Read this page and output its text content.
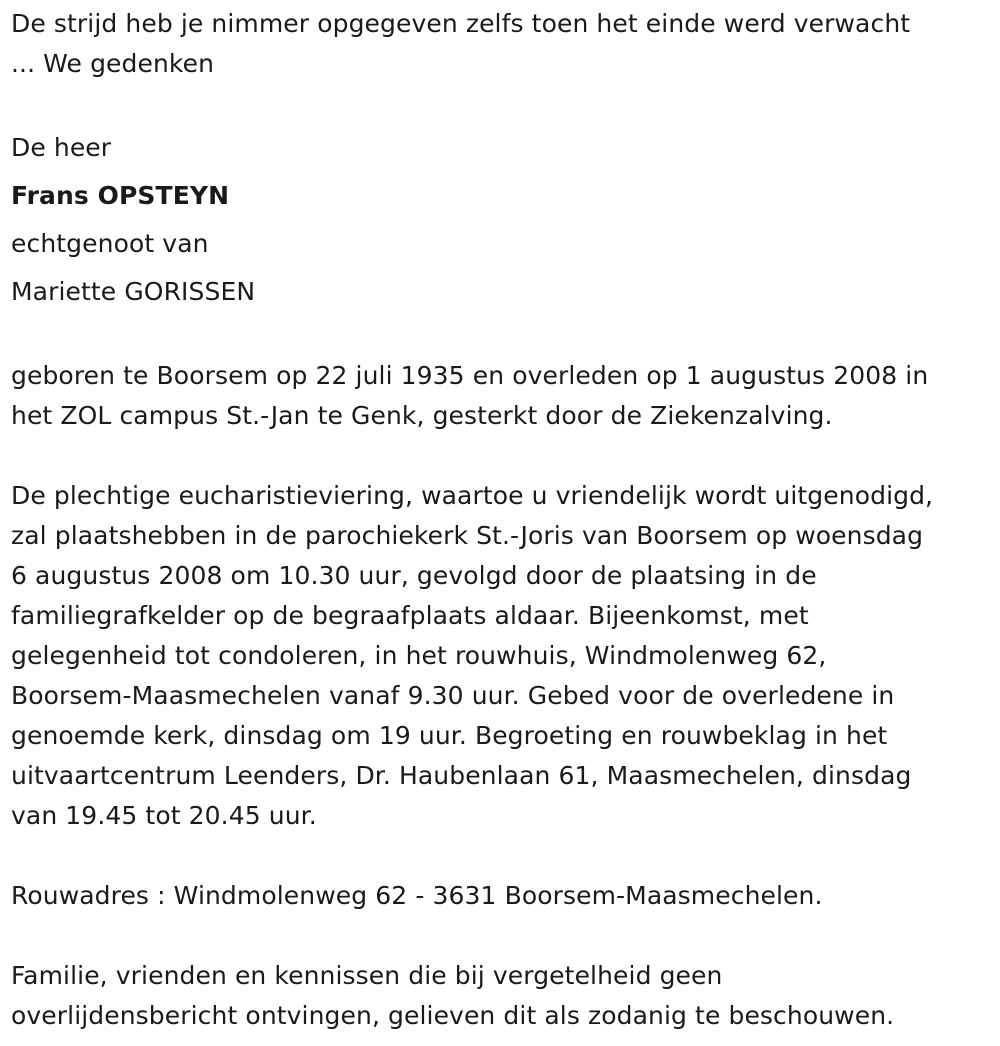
De strijd heb je nimmer opgegeven zelfs toen het einde werd verwacht
... We gedenken
De heer
Frans OPSTEYN
echtgenoot van
Mariette GORISSEN
geboren te Boorsem op 22 juli 1935 en overleden op 1 augustus 2008 in
het ZOL campus St.-Jan te Genk, gesterkt door de Ziekenzalving.
De plechtige eucharistieviering, waartoe u vriendelijk wordt uitgenodigd,
zal plaatshebben in de parochiekerk St.-Joris van Boorsem op woensdag
6 augustus 2008 om 10.30 uur, gevolgd door de plaatsing in de
familiegrafkelder op de begraafplaats aldaar. Bijeenkomst, met
gelegenheid tot condoleren, in het rouwhuis, Windmolenweg 62,
Boorsem-Maasmechelen vanaf 9.30 uur. Gebed voor de overledene in
genoemde kerk, dinsdag om 19 uur. Begroeting en rouwbeklag in het
uitvaartcentrum Leenders, Dr. Haubenlaan 61, Maasmechelen, dinsdag
van 19.45 tot 20.45 uur.
Rouwadres : Windmolenweg 62 - 3631 Boorsem-Maasmechelen.
Familie, vrienden en kennissen die bij vergetelheid geen
overlijdensbericht ontvingen, gelieven dit als zodanig te beschouwen.
